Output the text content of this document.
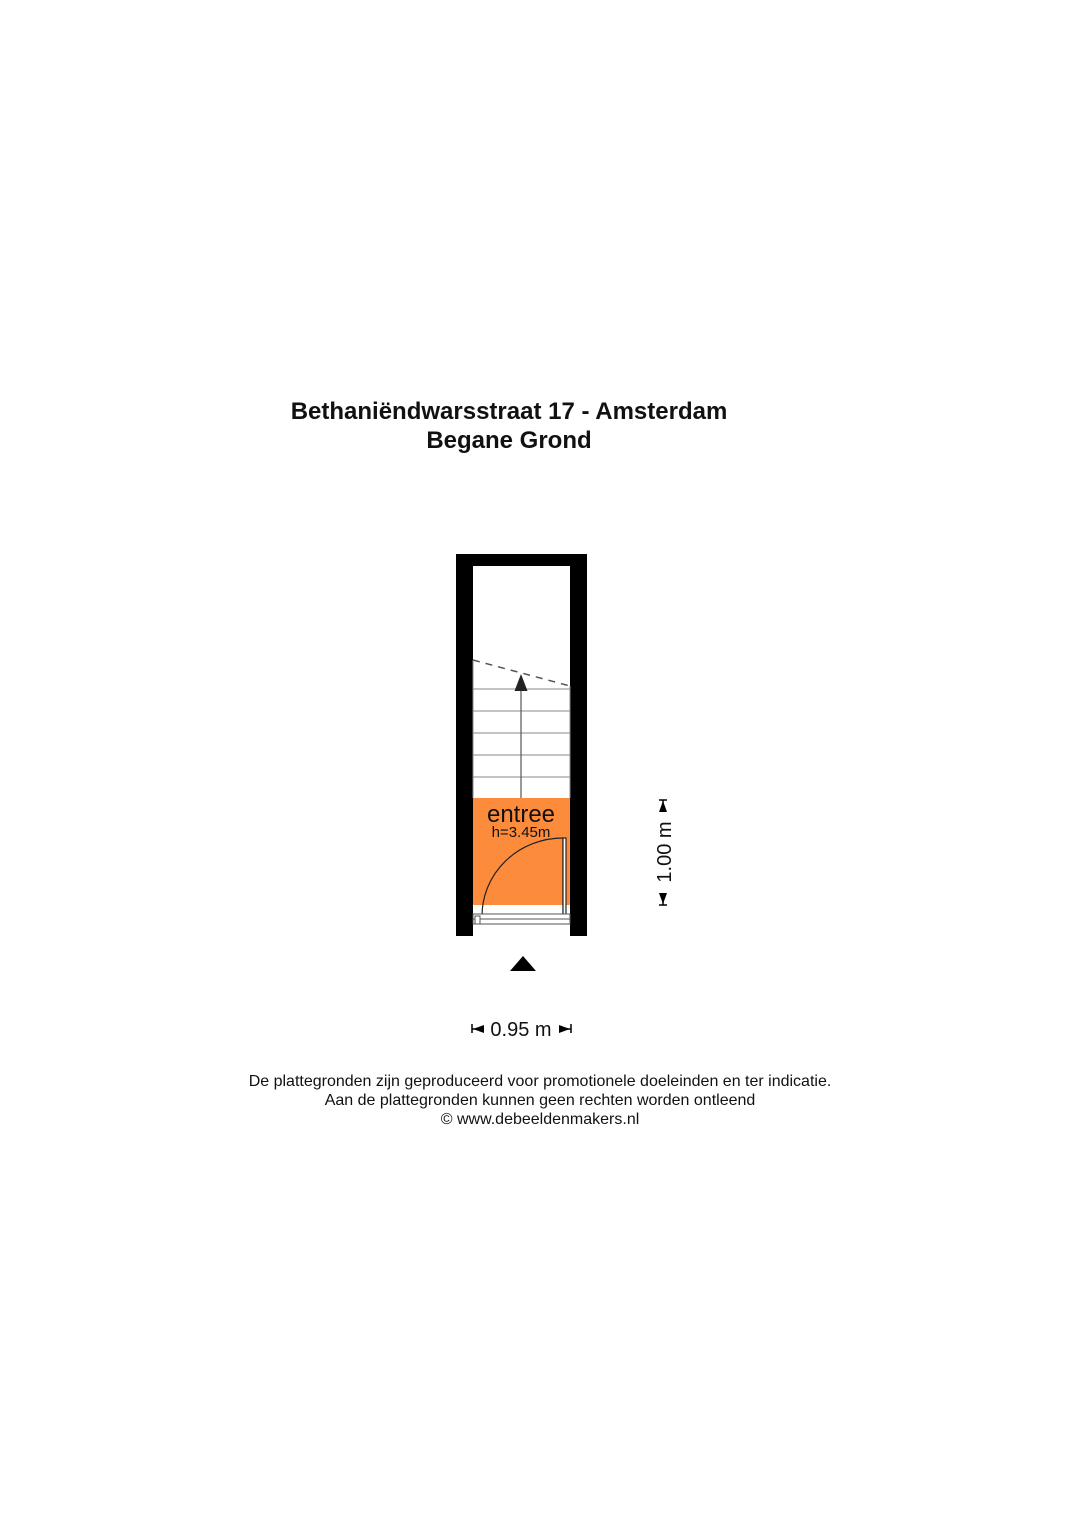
Bethaniëndwarsstraat 17 - Amsterdam
Begane Grond
entree
h=3.45m
0.95 m
1.00 m

De plattegronden zijn geproduceerd voor promotionele doeleinden en ter indicatie.

Aan de plattegronden kunnen geen rechten worden ontleend

© www.debeeldenmakers.nl
